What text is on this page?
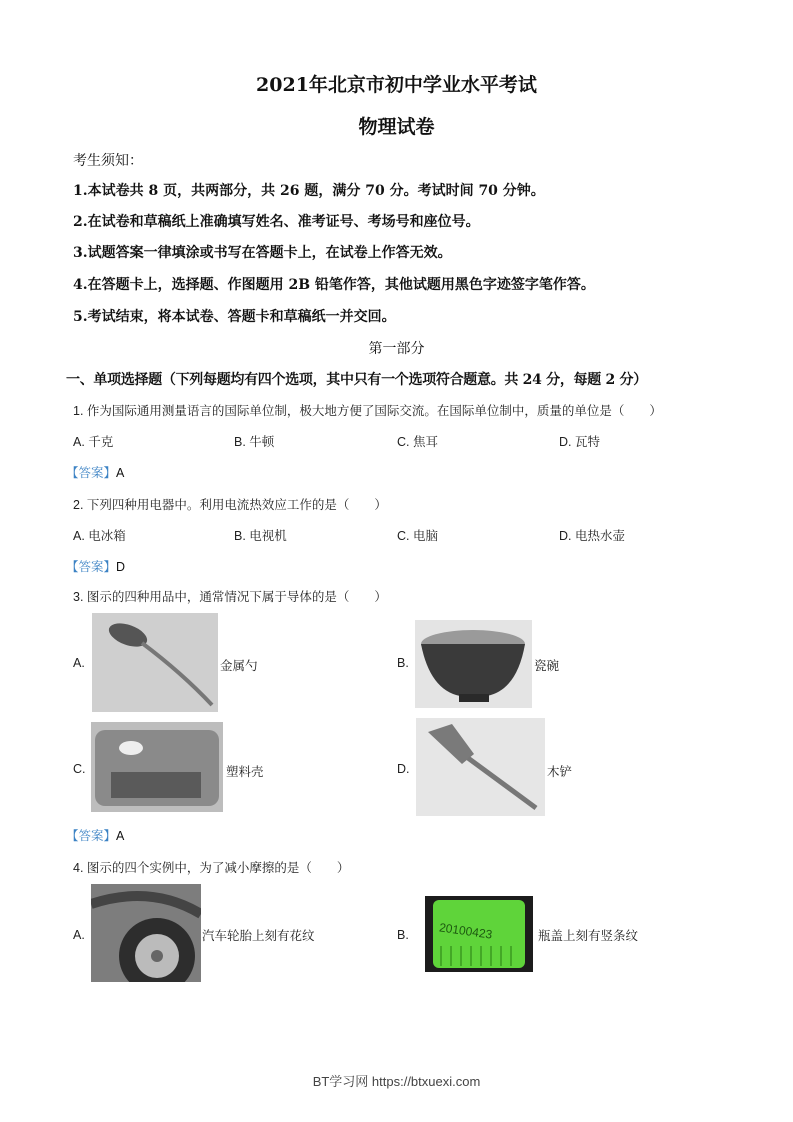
2021年北京市初中学业水平考试
物理试卷
考生须知：
1.本试卷共 8 页，共两部分，共 26 题，满分 70 分。考试时间 70 分钟。
2.在试卷和草稿纸上准确填写姓名、准考证号、考场号和座位号。
3.试题答案一律填涂或书写在答题卡上，在试卷上作答无效。
4.在答题卡上，选择题、作图题用 2B 铅笔作答，其他试题用黑色字迹签字笔作答。
5.考试结束，将本试卷、答题卡和草稿纸一并交回。
第一部分
一、单项选择题（下列每题均有四个选项，其中只有一个选项符合题意。共 24 分，每题 2 分）
1. 作为国际通用测量语言的国际单位制，极大地方便了国际交流。在国际单位制中，质量的单位是（　　）
A. 千克	B. 牛顿	C. 焦耳	D. 瓦特
【答案】A
2. 下列四种用电器中。利用电流热效应工作的是（　　）
A. 电冰箱	B. 电视机	C. 电脑	D. 电热水壶
【答案】D
3. 图示的四种用品中，通常情况下属于导体的是（　　）
A.	金属勺	B.	瓷碗
C.	塑料壳	D.	木铲
【答案】A
4. 图示的四个实例中，为了减小摩擦的是（　　）
A.	汽车轮胎上刻有花纹	B. 20100423	瓶盖上刻有竖条纹
BT学习网 https://btxuexi.com
